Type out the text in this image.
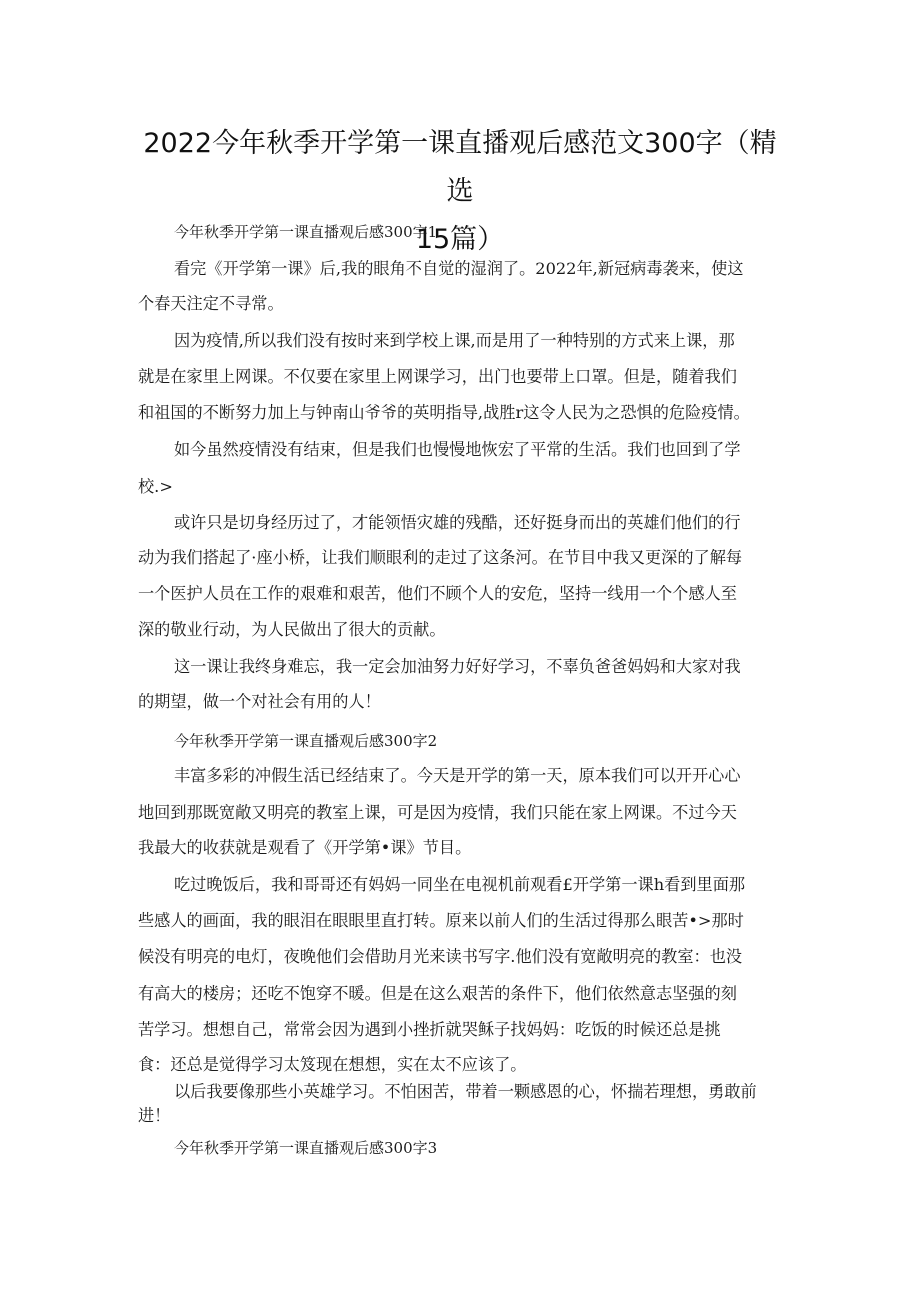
2022今年秋季开学第一课直播观后感范文300字（精选
15篇）
今年秋季开学第一课直播观后感300字1
看完《开学第一课》后,我的眼角不自觉的湿润了。2022年,新冠病毒袭来，使这
个春天注定不寻常。
因为疫情,所以我们没有按时来到学校上课,而是用了一种特别的方式来上课，那
就是在家里上网课。不仅要在家里上网课学习，出门也要带上口罩。但是，随着我们
和祖国的不断努力加上与钟南山爷爷的英明指导,战胜r这令人民为之恐惧的危险疫情。
如今虽然疫情没有结束，但是我们也慢慢地恢宏了平常的生活。我们也回到了学
校.>
或许只是切身经历过了，才能领悟灾雄的残酷，还好挺身而出的英雄们他们的行
动为我们搭起了·座小桥，让我们顺眼利的走过了这条河。在节目中我又更深的了解每
一个医护人员在工作的艰难和艰苦，他们不顾个人的安危，坚持一线用一个个感人至
深的敬业行动，为人民做出了很大的贡献。
这一课让我终身难忘，我一定会加油努力好好学习，不辜负爸爸妈妈和大家对我
的期望，做一个对社会有用的人！
今年秋季开学第一课直播观后感300字2
丰富多彩的冲假生活已经结束了。今天是开学的第一天，原本我们可以开开心心
地回到那既宽敞又明亮的教室上课，可是因为疫情，我们只能在家上网课。不过今天
我最大的收获就是观看了《开学第•课》节目。
吃过晚饭后，我和哥哥还有妈妈一同坐在电视机前观看£开学第一课h看到里面那
些感人的画面，我的眼泪在眼眼里直打转。原来以前人们的生活过得那么眼苦•>那时
候没有明亮的电灯，夜晚他们会借助月光来读书写字.他们没有宽敞明亮的教室：也没
有高大的楼房；还吃不饱穿不暖。但是在这么艰苦的条件下，他们依然意志坚强的刻
苦学习。想想自己，常常会因为遇到小挫折就哭稣子找妈妈：吃饭的时候还总是挑
食：还总是觉得学习太笈现在想想，实在太不应该了。
以后我要像那些小英雄学习。不怕困苦，带着一颗感恩的心，怀揣若理想，勇敢前
进！
今年秋季开学第一课直播观后感300字3
